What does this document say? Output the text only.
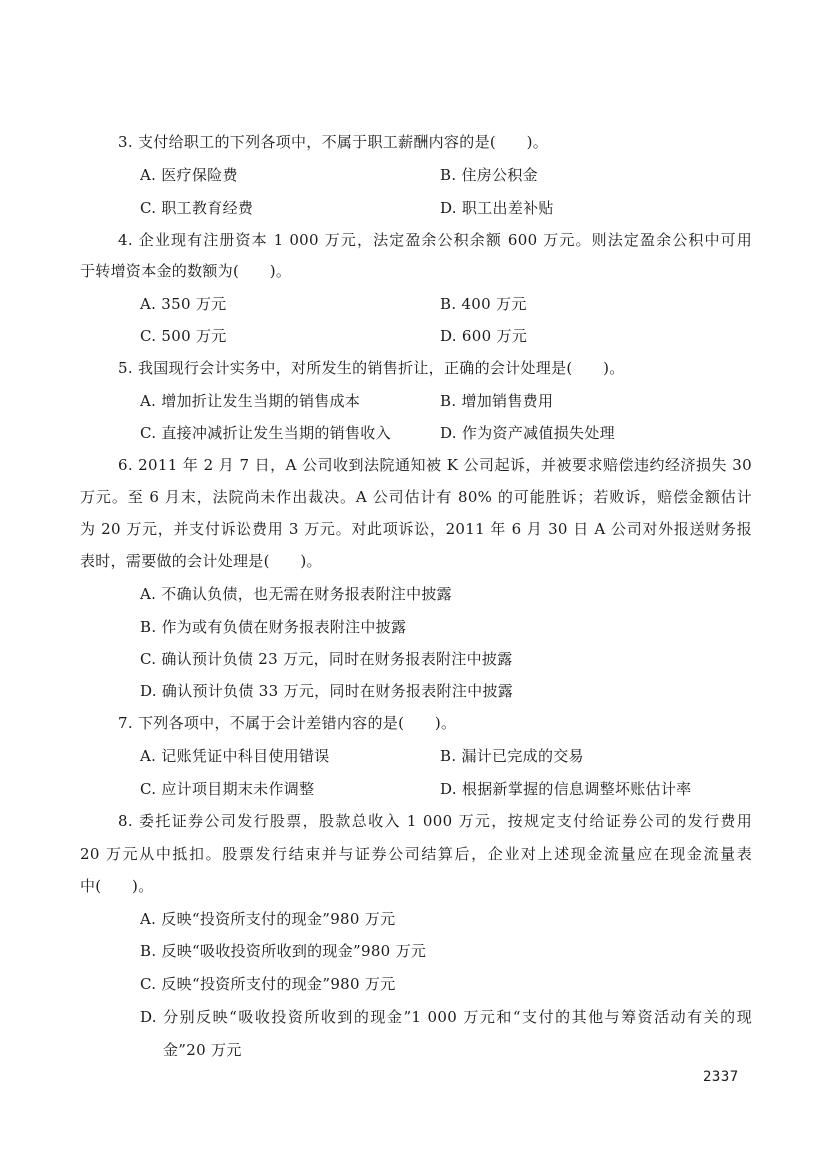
3. 支付给职工的下列各项中，不属于职工薪酬内容的是(　　)。
A. 医疗保险费	B. 住房公积金
C. 职工教育经费	D. 职工出差补贴
4. 企业现有注册资本 1 000 万元，法定盈余公积余额 600 万元。则法定盈余公积中可用
于转增资本金的数额为(　　)。
A. 350 万元	B. 400 万元
C. 500 万元	D. 600 万元
5. 我国现行会计实务中，对所发生的销售折让，正确的会计处理是(　　)。
A. 增加折让发生当期的销售成本	B. 增加销售费用
C. 直接冲减折让发生当期的销售收入	D. 作为资产减值损失处理
6. 2011 年 2 月 7 日，A 公司收到法院通知被 K 公司起诉，并被要求赔偿违约经济损失 30
万元。至 6 月末，法院尚未作出裁决。A 公司估计有 80% 的可能胜诉；若败诉，赔偿金额估计
为 20 万元，并支付诉讼费用 3 万元。对此项诉讼，2011 年 6 月 30 日 A 公司对外报送财务报
表时，需要做的会计处理是(　　)。
A. 不确认负债，也无需在财务报表附注中披露
B. 作为或有负债在财务报表附注中披露
C. 确认预计负债 23 万元，同时在财务报表附注中披露
D. 确认预计负债 33 万元，同时在财务报表附注中披露
7. 下列各项中，不属于会计差错内容的是(　　)。
A. 记账凭证中科目使用错误	B. 漏计已完成的交易
C. 应计项目期末未作调整	D. 根据新掌握的信息调整坏账估计率
8. 委托证券公司发行股票，股款总收入 1 000 万元，按规定支付给证券公司的发行费用
20 万元从中抵扣。股票发行结束并与证券公司结算后，企业对上述现金流量应在现金流量表
中(　　)。
A. 反映“投资所支付的现金”980 万元
B. 反映“吸收投资所收到的现金”980 万元
C. 反映“投资所支付的现金”980 万元
D. 分别反映“吸收投资所收到的现金”1 000 万元和“支付的其他与筹资活动有关的现
金”20 万元
2337
